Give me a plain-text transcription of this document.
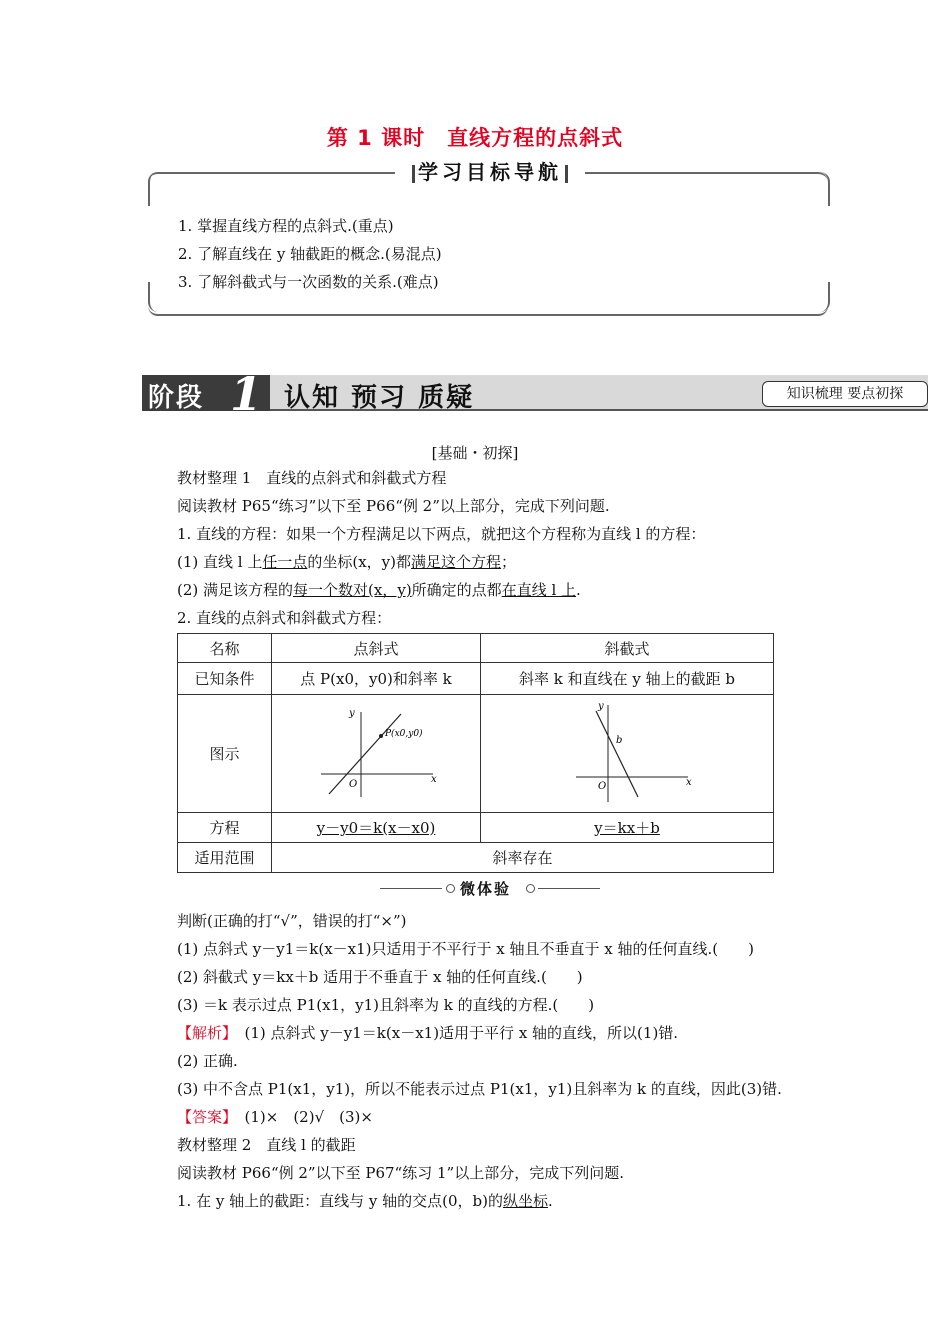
第 1 课时　直线方程的点斜式
学习目标导航
1. 掌握直线方程的点斜式.(重点)
2. 了解直线在 y 轴截距的概念.(易混点)
3. 了解斜截式与一次函数的关系.(难点)
阶段 1 认知 预习 质疑	知识梳理 要点初探
[基础・初探]
教材整理 1　直线的点斜式和斜截式方程
阅读教材 P65“练习”以下至 P66“例 2”以上部分，完成下列问题.
1. 直线的方程：如果一个方程满足以下两点，就把这个方程称为直线 l 的方程：
(1) 直线 l 上任一点的坐标(x，y)都满足这个方程；
(2) 满足该方程的每一个数对(x，y)所确定的点都在直线 l 上.
2. 直线的点斜式和斜截式方程：
名称	点斜式	斜截式
已知条件	点 P(x0，y0)和斜率 k	斜率 k 和直线在 y 轴上的截距 b
图示	y
x
O
P(x0,y0)	y
x
O
b

方程	y－y0＝k(x－x0)	y＝kx＋b
适用范围	斜率存在	
微体验
判断(正确的打“√”，错误的打“×”)
(1) 点斜式 y－y1＝k(x－x1)只适用于不平行于 x 轴且不垂直于 x 轴的任何直线.(　　)
(2) 斜截式 y＝kx＋b 适用于不垂直于 x 轴的任何直线.(　　)
(3) ＝k 表示过点 P1(x1，y1)且斜率为 k 的直线的方程.(　　)
【解析】　(1) 点斜式 y－y1＝k(x－x1)适用于平行 x 轴的直线，所以(1)错.
(2) 正确.
(3) 中不含点 P1(x1，y1)，所以不能表示过点 P1(x1，y1)且斜率为 k 的直线，因此(3)错.
【答案】　(1)×　(2)√　(3)×
教材整理 2　直线 l 的截距
阅读教材 P66“例 2”以下至 P67“练习 1”以上部分，完成下列问题.
1. 在 y 轴上的截距：直线与 y 轴的交点(0，b)的纵坐标.
